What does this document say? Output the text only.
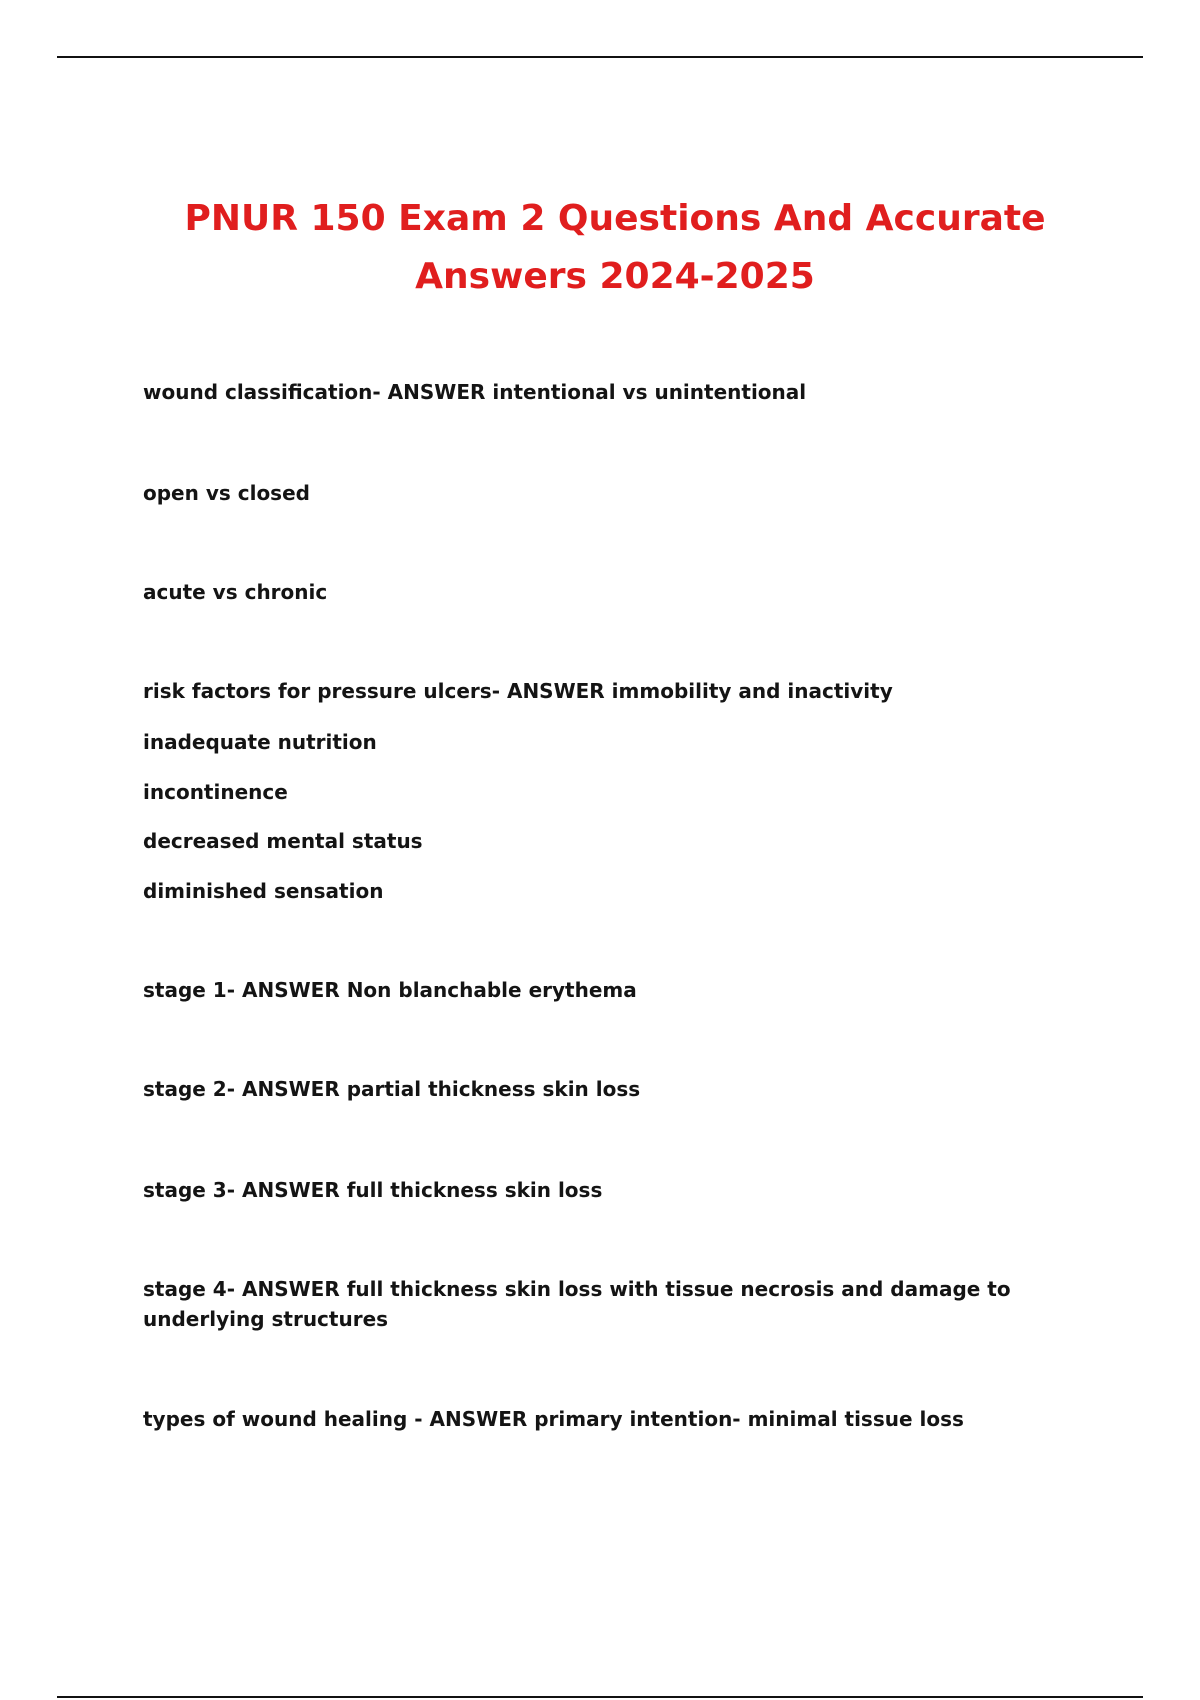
PNUR 150 Exam 2 Questions And Accurate
Answers 2024-2025

wound classification- ANSWER intentional vs unintentional

open vs closed

acute vs chronic

risk factors for pressure ulcers- ANSWER immobility and inactivity

inadequate nutrition

incontinence

decreased mental status

diminished sensation

stage 1- ANSWER Non blanchable erythema

stage 2- ANSWER partial thickness skin loss

stage 3- ANSWER full thickness skin loss

stage 4- ANSWER full thickness skin loss with tissue necrosis and damage to underlying structures

types of wound healing - ANSWER primary intention- minimal tissue loss
